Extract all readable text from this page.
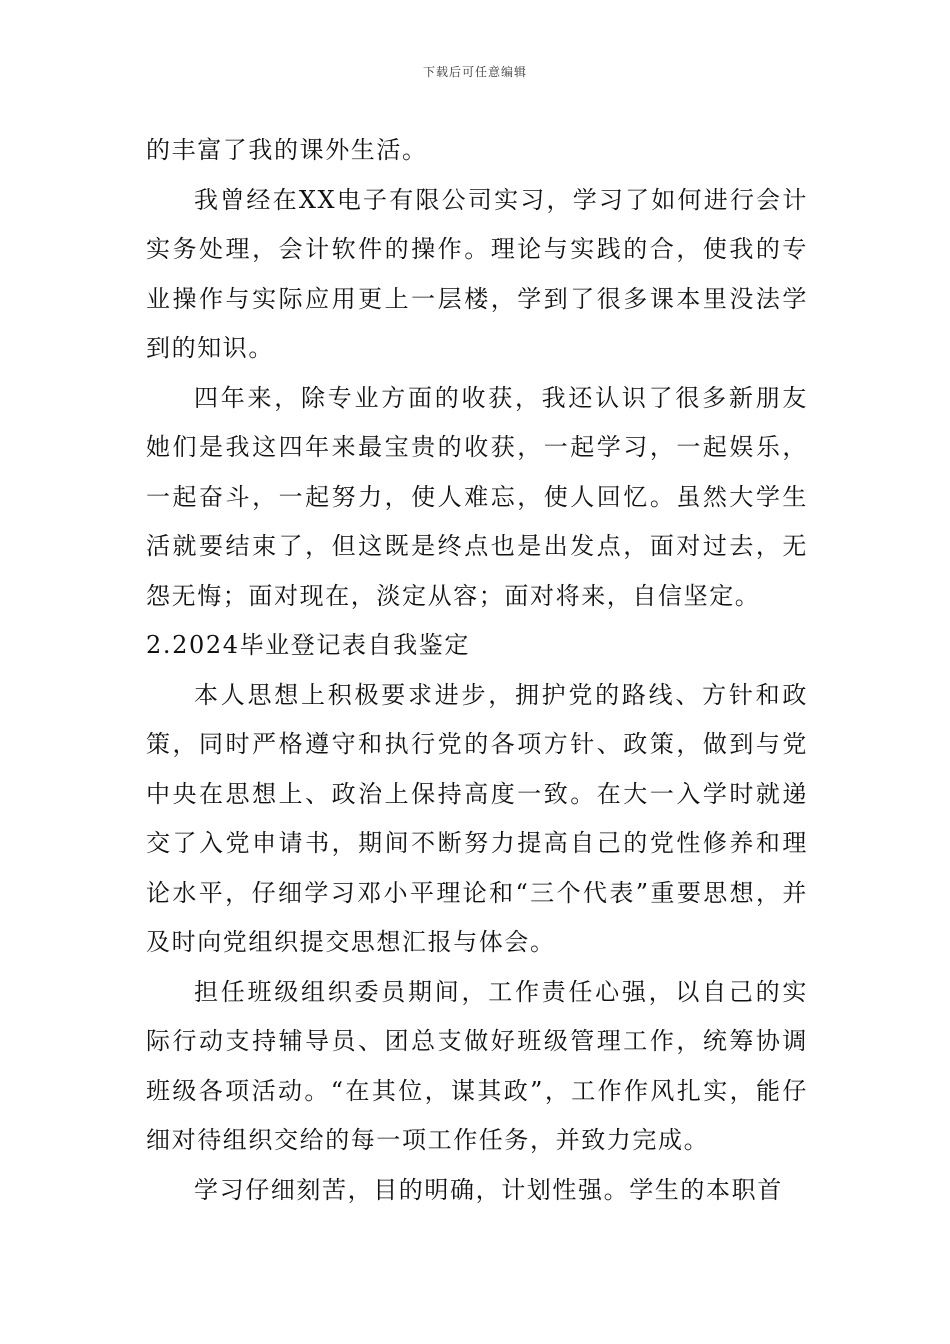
下载后可任意编辑

的丰富了我的课外生活。

我曾经在XX电子有限公司实习，学习了如何进行会计实务处理，会计软件的操作。理论与实践的合，使我的专业操作与实际应用更上一层楼，学到了很多课本里没法学到的知识。

四年来，除专业方面的收获，我还认识了很多新朋友她们是我这四年来最宝贵的收获，一起学习，一起娱乐，一起奋斗，一起努力，使人难忘，使人回忆。虽然大学生活就要结束了，但这既是终点也是出发点，面对过去，无怨无悔；面对现在，淡定从容；面对将来，自信坚定。

2.2024毕业登记表自我鉴定

本人思想上积极要求进步，拥护党的路线、方针和政策，同时严格遵守和执行党的各项方针、政策，做到与党中央在思想上、政治上保持高度一致。在大一入学时就递交了入党申请书，期间不断努力提高自己的党性修养和理论水平，仔细学习邓小平理论和“三个代表”重要思想，并及时向党组织提交思想汇报与体会。

担任班级组织委员期间，工作责任心强，以自己的实际行动支持辅导员、团总支做好班级管理工作，统筹协调班级各项活动。“在其位，谋其政”，工作作风扎实，能仔细对待组织交给的每一项工作任务，并致力完成。

学习仔细刻苦，目的明确，计划性强。学生的本职首
